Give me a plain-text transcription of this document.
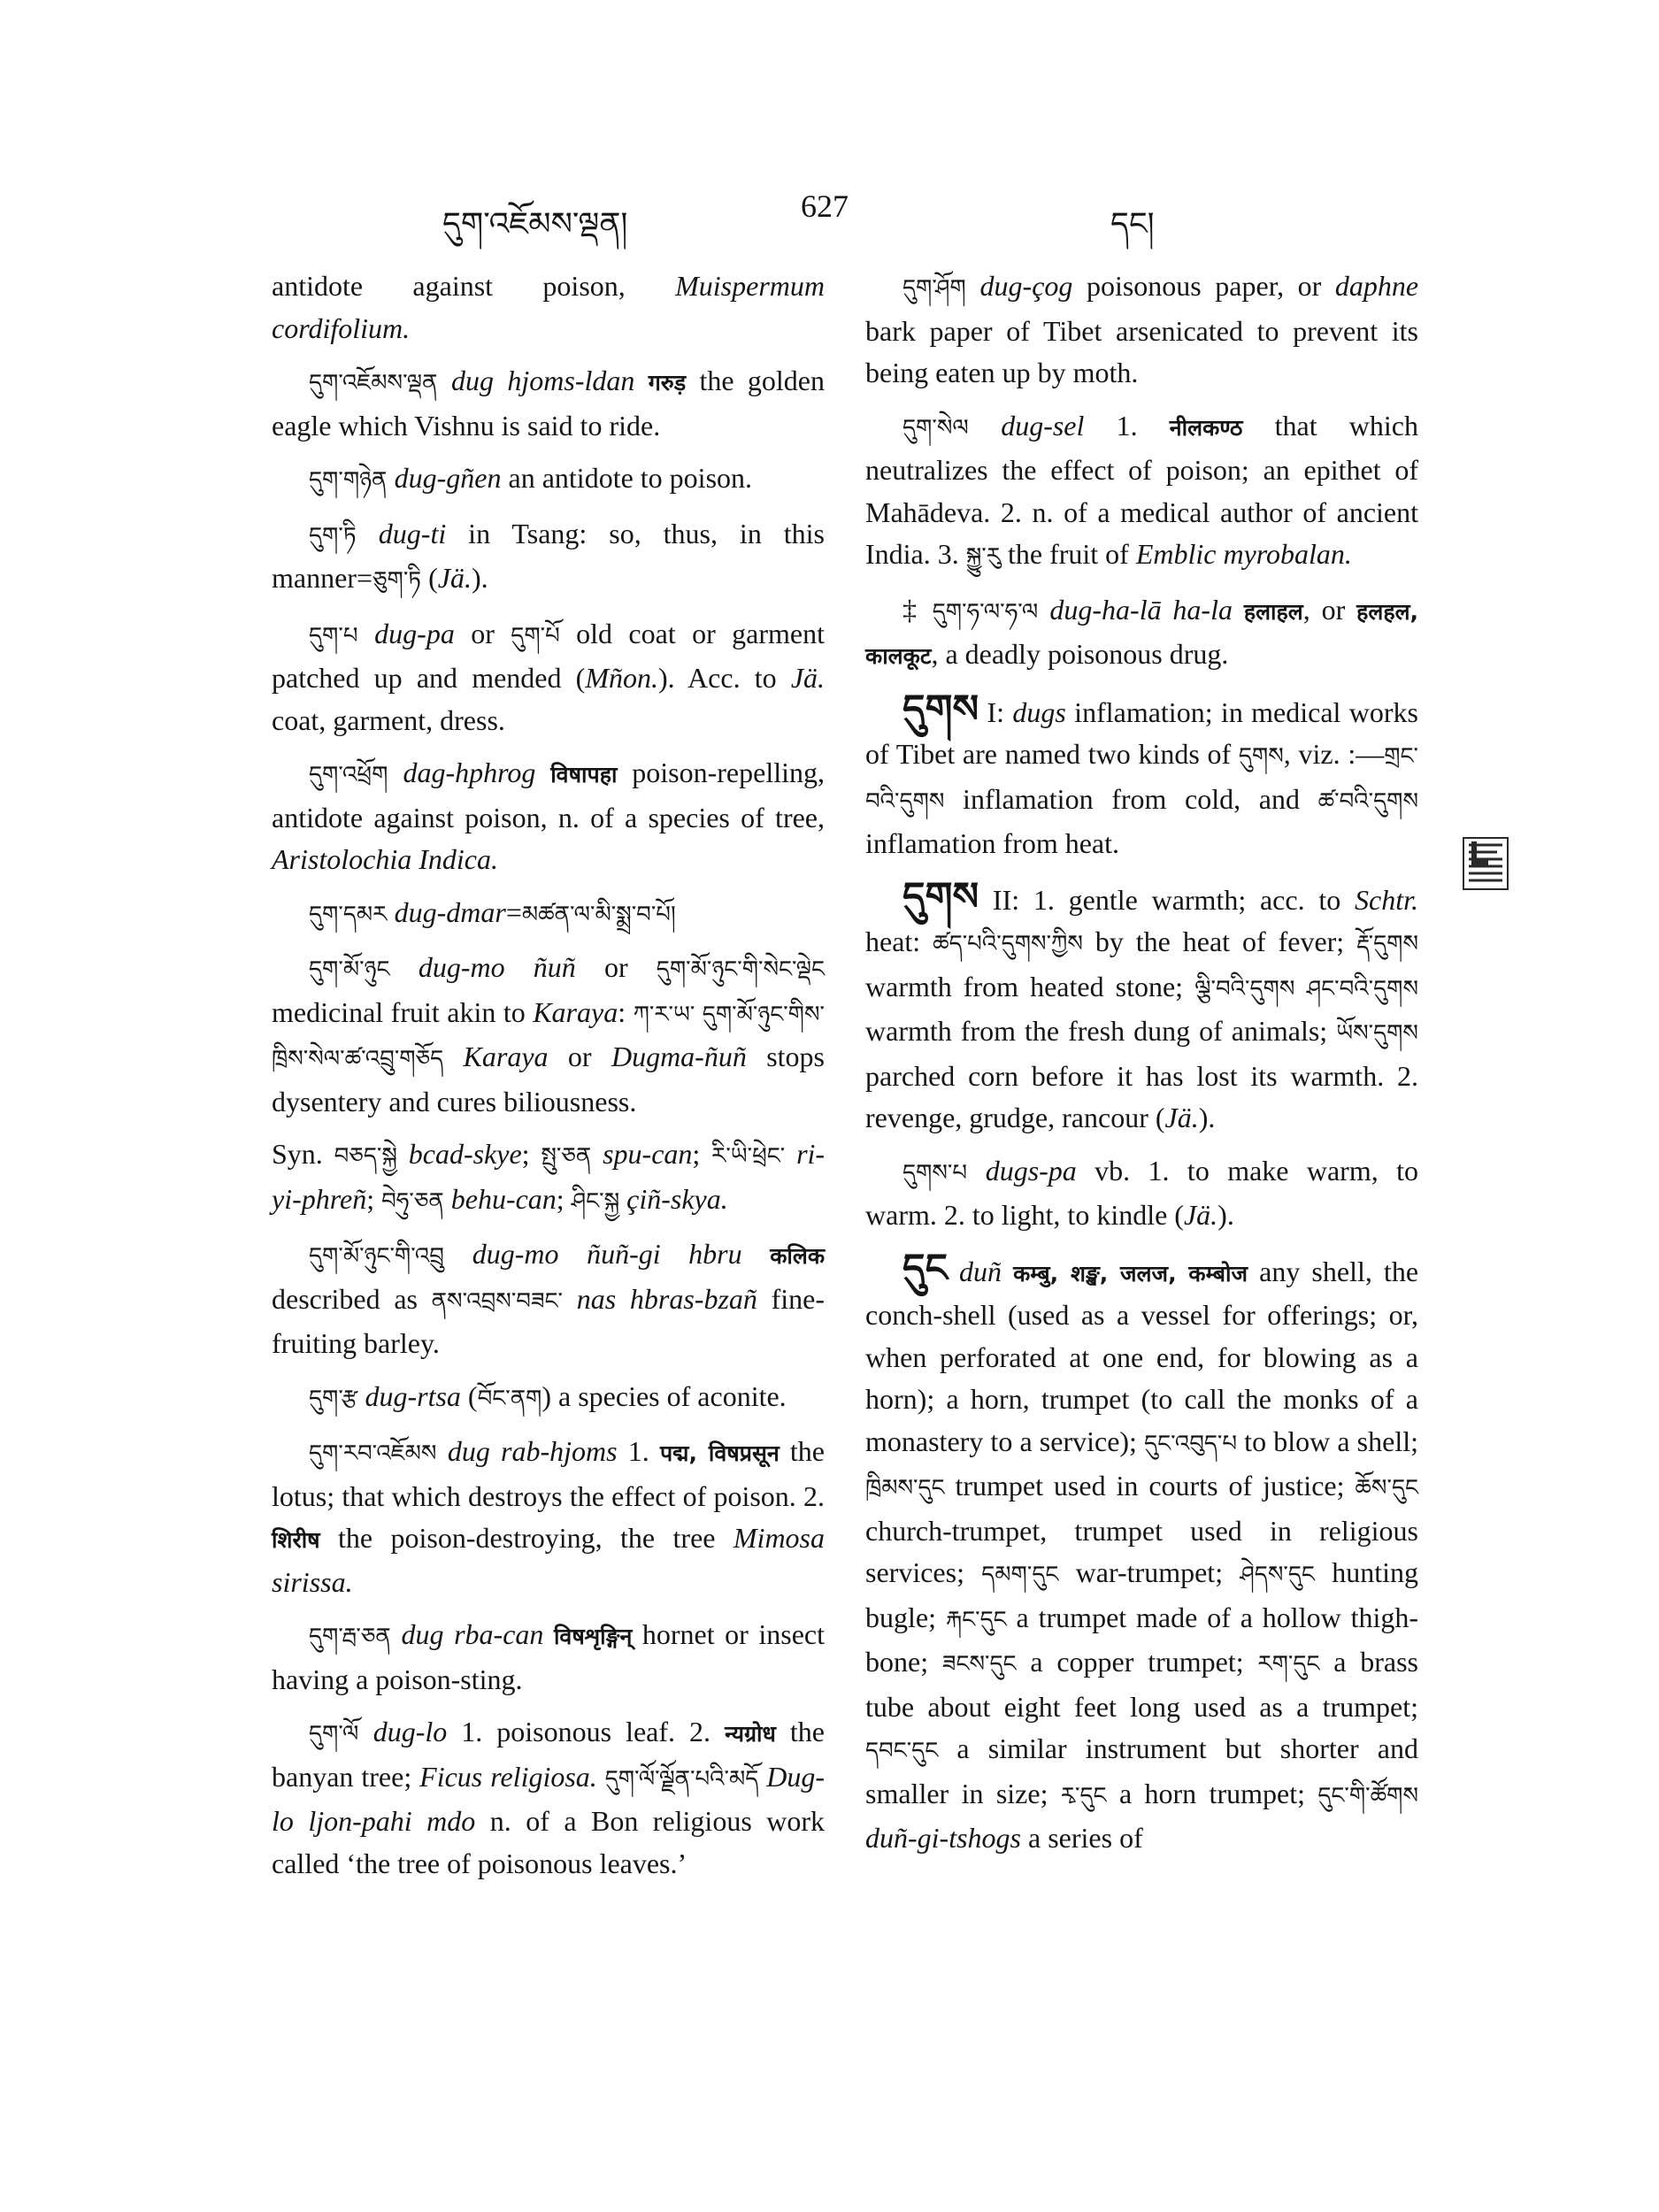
དུག་འཇོམས་ལྡན།	627	དང།

antidote against poison, Muispermum cordifolium.

དུག་འཇོམས་ལྡན dug hjoms-ldan गरुड़ the golden eagle which Vishnu is said to ride.

དུག་གཉེན dug-gñen an antidote to poison.

དུག་ཏི dug-ti in Tsang: so, thus, in this manner=ཅུག་ཏི (Jä.).

དུག་པ dug-pa or དུག་པོ old coat or garment patched up and mended (Mñon.). Acc. to Jä. coat, garment, dress.

དུག་འཕྲོག dag-hphrog विषापहा poison-repelling, antidote against poison, n. of a species of tree, Aristolochia Indica.

དུག་དམར dug-dmar=མཚན་ལ་མི་སྨྲ་བ་པོ།

དུག་མོ་ཉུང dug-mo ñuñ or དུག་མོ་ཉུང་གི་སེང་ལྡེང medicinal fruit akin to Karaya: ཀ་ར་ཡ་ དུག་མོ་ཉུང་གིས་ཁྲིས་སེལ་ཚ་འབྲུ་གཅོད Karaya or Dugma-ñuñ stops dysentery and cures biliousness.

Syn. བཅད་སྐྱེ bcad-skye; སྤུ་ཅན spu-can; རི་ཡི་ཕྲེང་ ri-yi-phreñ; བེཧུ་ཅན behu-can; ཤིང་སྐྱ çiñ-skya.

དུག་མོ་ཉུང་གི་འབྲུ dug-mo ñuñ-gi hbru कलिक described as ནས་འབྲས་བཟང་ nas hbras-bzañ fine-fruiting barley.

དུག་རྩ dug-rtsa (བོང་ནག) a species of aconite.

དུག་རབ་འཇོམས dug rab-hjoms 1. पद्म, विषप्रसून the lotus; that which destroys the effect of poison. 2. शिरीष the poison-destroying, the tree Mimosa sirissa.

དུག་རྦ་ཅན dug rba-can विषशृङ्गिन् hornet or insect having a poison-sting.

དུག་ལོ dug-lo 1. poisonous leaf. 2. न्यग्रोध the banyan tree; Ficus religiosa. དུག་ལོ་ལྗོན་པའི་མདོ Dug-lo ljon-pahi mdo n. of a Bon religious work called ‘the tree of poisonous leaves.’

དུག་ཤོག dug-çog poisonous paper, or daphne bark paper of Tibet arsenicated to prevent its being eaten up by moth.

དུག་སེལ dug-sel 1. नीलकण्ठ that which neutralizes the effect of poison; an epithet of Mahādeva. 2. n. of a medical author of ancient India. 3. སྐྱུ་རུ the fruit of Emblic myrobalan.

‡ དུག་ཧ་ལ་ཧ་ལ dug-ha-lā ha-la हलाहल, or हलहल, कालकूट, a deadly poisonous drug.

དུགས I: dugs inflamation; in medical works of Tibet are named two kinds of དུགས, viz. :—གྲང་བའི་དུགས inflamation from cold, and ཚ་བའི་དུགས inflamation from heat.

དུགས II: 1. gentle warmth; acc. to Schtr. heat: ཚད་པའི་དུགས་ཀྱིས by the heat of fever; རྡོ་དུགས warmth from heated stone; ལྕི་བའི་དུགས ཤང་བའི་དུགས warmth from the fresh dung of animals; ཡོས་དུགས parched corn before it has lost its warmth. 2. revenge, grudge, rancour (Jä.).

དུགས་པ dugs-pa vb. 1. to make warm, to warm. 2. to light, to kindle (Jä.).

དུང duñ कम्बु, शङ्ख, जलज, कम्बोज any shell, the conch-shell (used as a vessel for offerings; or, when perforated at one end, for blowing as a horn); a horn, trumpet (to call the monks of a monastery to a service); དུང་འབུད་པ to blow a shell; ཁྲིམས་དུང trumpet used in courts of justice; ཆོས་དུང church-trumpet, trumpet used in religious services; དམག་དུང war-trumpet; ཤེདས་དུང hunting bugle; རྐང་དུང a trumpet made of a hollow thigh-bone; ཟངས་དུང a copper trumpet; རག་དུང a brass tube about eight feet long used as a trumpet; དབང་དུང a similar instrument but shorter and smaller in size; རྭ་དུང a horn trumpet; དུང་གི་ཚོགས duñ-gi-tshogs a series of
